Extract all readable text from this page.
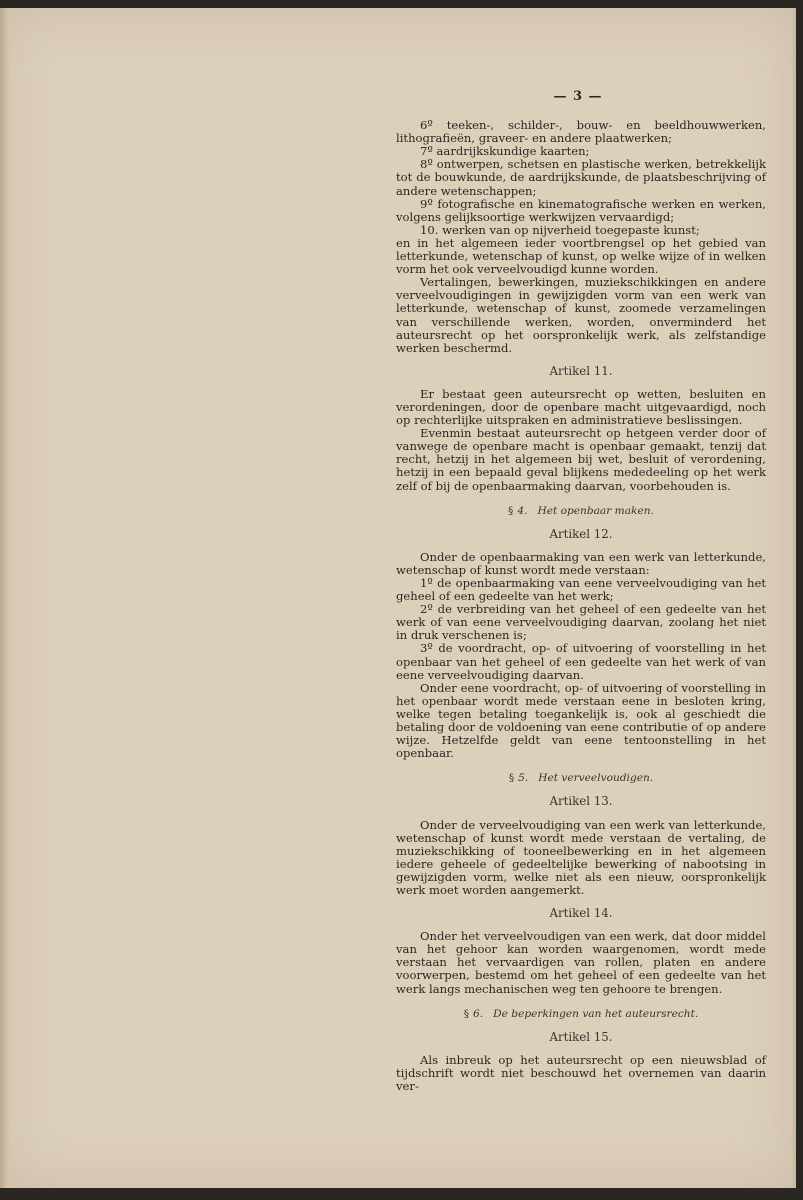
— 3 —

6º teeken-, schilder-, bouw- en beeldhouwwerken, lithografieën, graveer- en andere plaatwerken;

7º aardrijkskundige kaarten;

8º ontwerpen, schetsen en plastische werken, betrekkelijk tot de bouwkunde, de aardrijkskunde, de plaatsbeschrijving of andere wetenschappen;

9º fotografische en kinematografische werken en werken, volgens gelijksoortige werkwijzen vervaardigd;

10. werken van op nijverheid toegepaste kunst;

en in het algemeen ieder voortbrengsel op het gebied van letterkunde, wetenschap of kunst, op welke wijze of in welken vorm het ook verveelvoudigd kunne worden.

Vertalingen, bewerkingen, muziekschikkingen en andere verveelvoudigingen in gewijzigden vorm van een werk van letterkunde, wetenschap of kunst, zoomede verzamelingen van verschillende werken, worden, onverminderd het auteursrecht op het oorspronkelijk werk, als zelfstandige werken beschermd.

Artikel 11.

Er bestaat geen auteursrecht op wetten, besluiten en verordeningen, door de openbare macht uitgevaardigd, noch op rechterlijke uitspraken en administratieve beslissingen.

Evenmin bestaat auteursrecht op hetgeen verder door of vanwege de openbare macht is openbaar gemaakt, tenzij dat recht, hetzij in het algemeen bij wet, besluit of verordening, hetzij in een bepaald geval blijkens mededeeling op het werk zelf of bij de openbaarmaking daarvan, voorbehouden is.

§ 4. Het openbaar maken.
Artikel 12.

Onder de openbaarmaking van een werk van letterkunde, wetenschap of kunst wordt mede verstaan:

1º de openbaarmaking van eene verveelvoudiging van het geheel of een gedeelte van het werk;

2º de verbreiding van het geheel of een gedeelte van het werk of van eene verveelvoudiging daarvan, zoolang het niet in druk verschenen is;

3º de voordracht, op- of uitvoering of voorstelling in het openbaar van het geheel of een gedeelte van het werk of van eene verveelvoudiging daarvan.

Onder eene voordracht, op- of uitvoering of voorstelling in het openbaar wordt mede verstaan eene in besloten kring, welke tegen betaling toegankelijk is, ook al geschiedt die betaling door de voldoening van eene contributie of op andere wijze. Hetzelfde geldt van eene tentoonstelling in het openbaar.

§ 5. Het verveelvoudigen.
Artikel 13.

Onder de verveelvoudiging van een werk van letterkunde, wetenschap of kunst wordt mede verstaan de vertaling, de muziekschikking of tooneelbewerking en in het algemeen iedere geheele of gedeeltelijke bewerking of nabootsing in gewijzigden vorm, welke niet als een nieuw, oorspronkelijk werk moet worden aangemerkt.

Artikel 14.

Onder het verveelvoudigen van een werk, dat door middel van het gehoor kan worden waargenomen, wordt mede verstaan het vervaardigen van rollen, platen en andere voorwerpen, bestemd om het geheel of een gedeelte van het werk langs mechanischen weg ten gehoore te brengen.

§ 6. De beperkingen van het auteursrecht.
Artikel 15.

Als inbreuk op het auteursrecht op een nieuwsblad of tijdschrift wordt niet beschouwd het overnemen van daarin ver-
